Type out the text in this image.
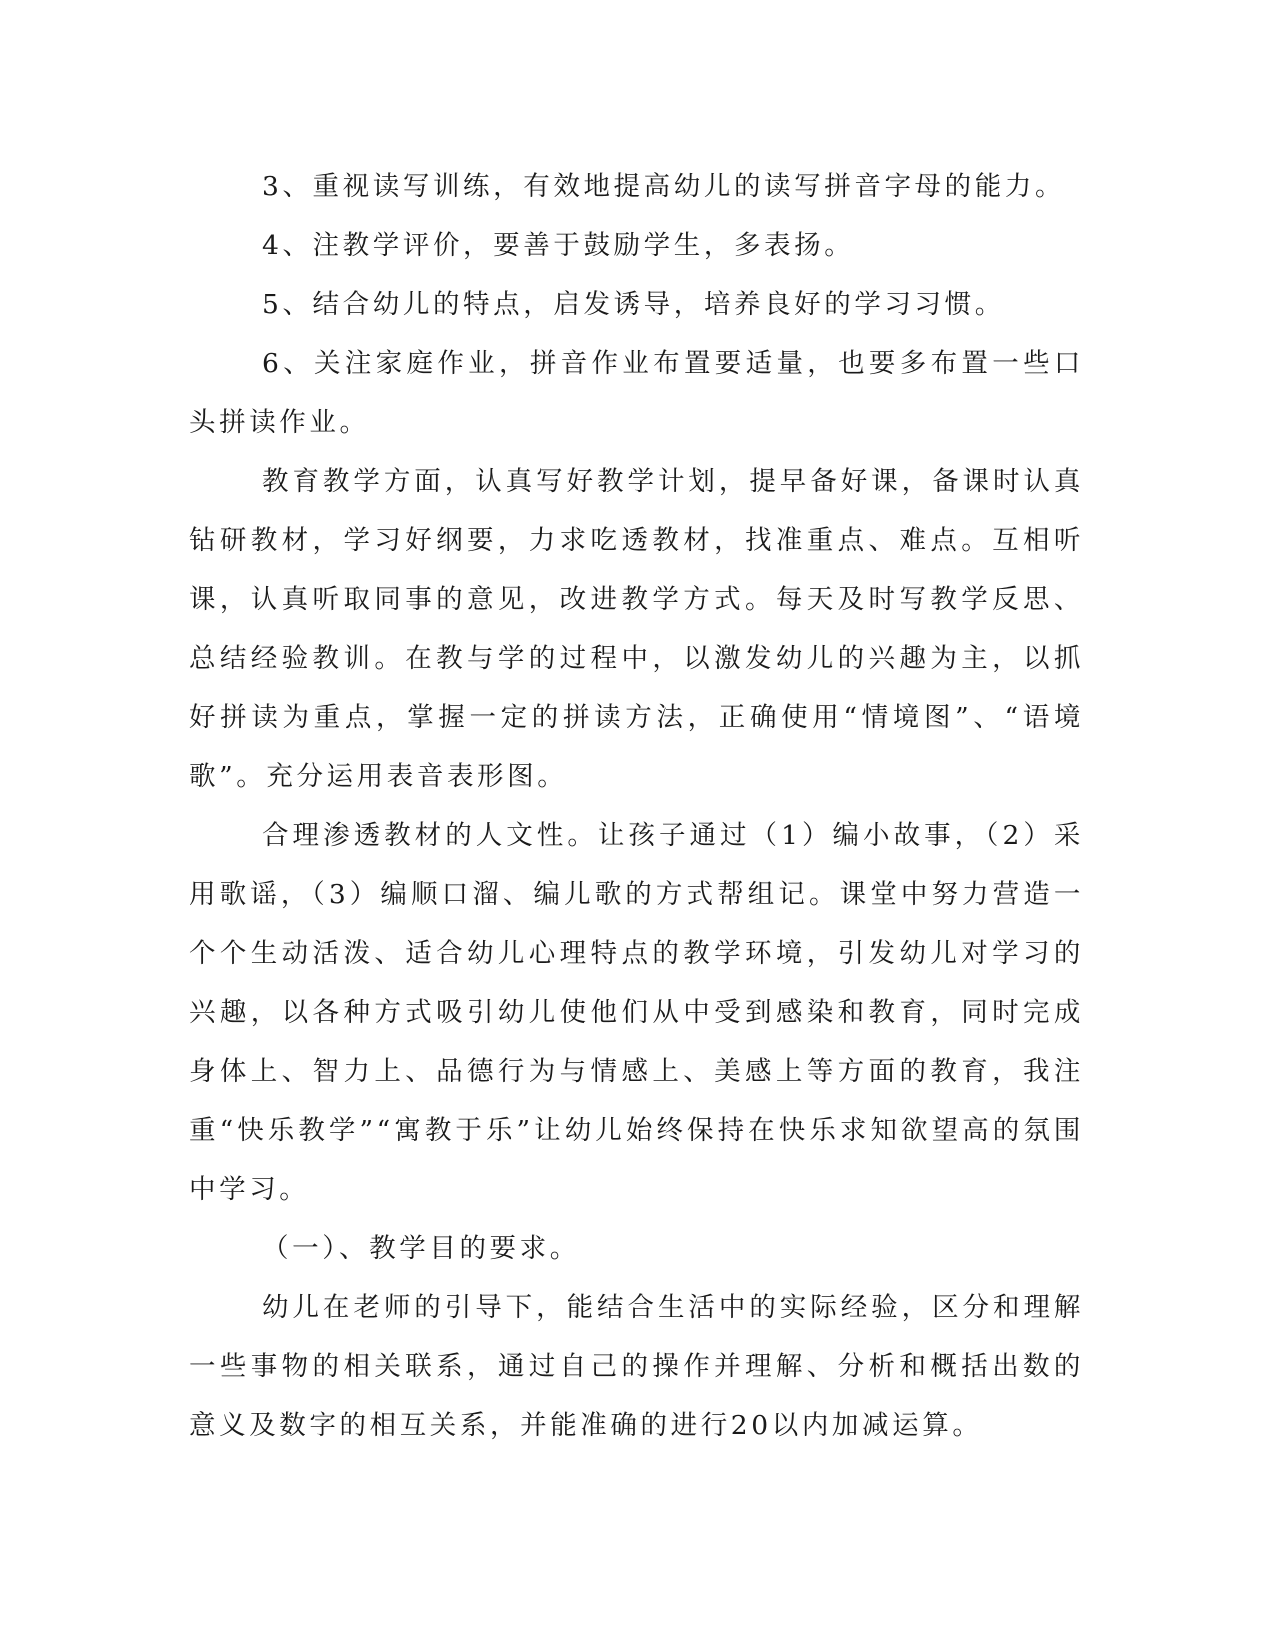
3、重视读写训练，有效地提高幼儿的读写拼音字母的能力。

4、注教学评价，要善于鼓励学生，多表扬。

5、结合幼儿的特点，启发诱导，培养良好的学习习惯。

6、关注家庭作业，拼音作业布置要适量，也要多布置一些口头拼读作业。

教育教学方面，认真写好教学计划，提早备好课，备课时认真钻研教材，学习好纲要，力求吃透教材，找准重点、难点。互相听课，认真听取同事的意见，改进教学方式。每天及时写教学反思、总结经验教训。在教与学的过程中，以激发幼儿的兴趣为主，以抓好拼读为重点，掌握一定的拼读方法，正确使用“情境图”、“语境歌”。充分运用表音表形图。

合理渗透教材的人文性。让孩子通过（1）编小故事，（2）采用歌谣，（3）编顺口溜、编儿歌的方式帮组记。课堂中努力营造一个个生动活泼、适合幼儿心理特点的教学环境，引发幼儿对学习的兴趣，以各种方式吸引幼儿使他们从中受到感染和教育，同时完成身体上、智力上、品德行为与情感上、美感上等方面的教育，我注重“快乐教学”“寓教于乐”让幼儿始终保持在快乐求知欲望高的氛围中学习。

（一）、教学目的要求。

幼儿在老师的引导下，能结合生活中的实际经验，区分和理解一些事物的相关联系，通过自己的操作并理解、分析和概括出数的意义及数字的相互关系，并能准确的进行20以内加减运算。
